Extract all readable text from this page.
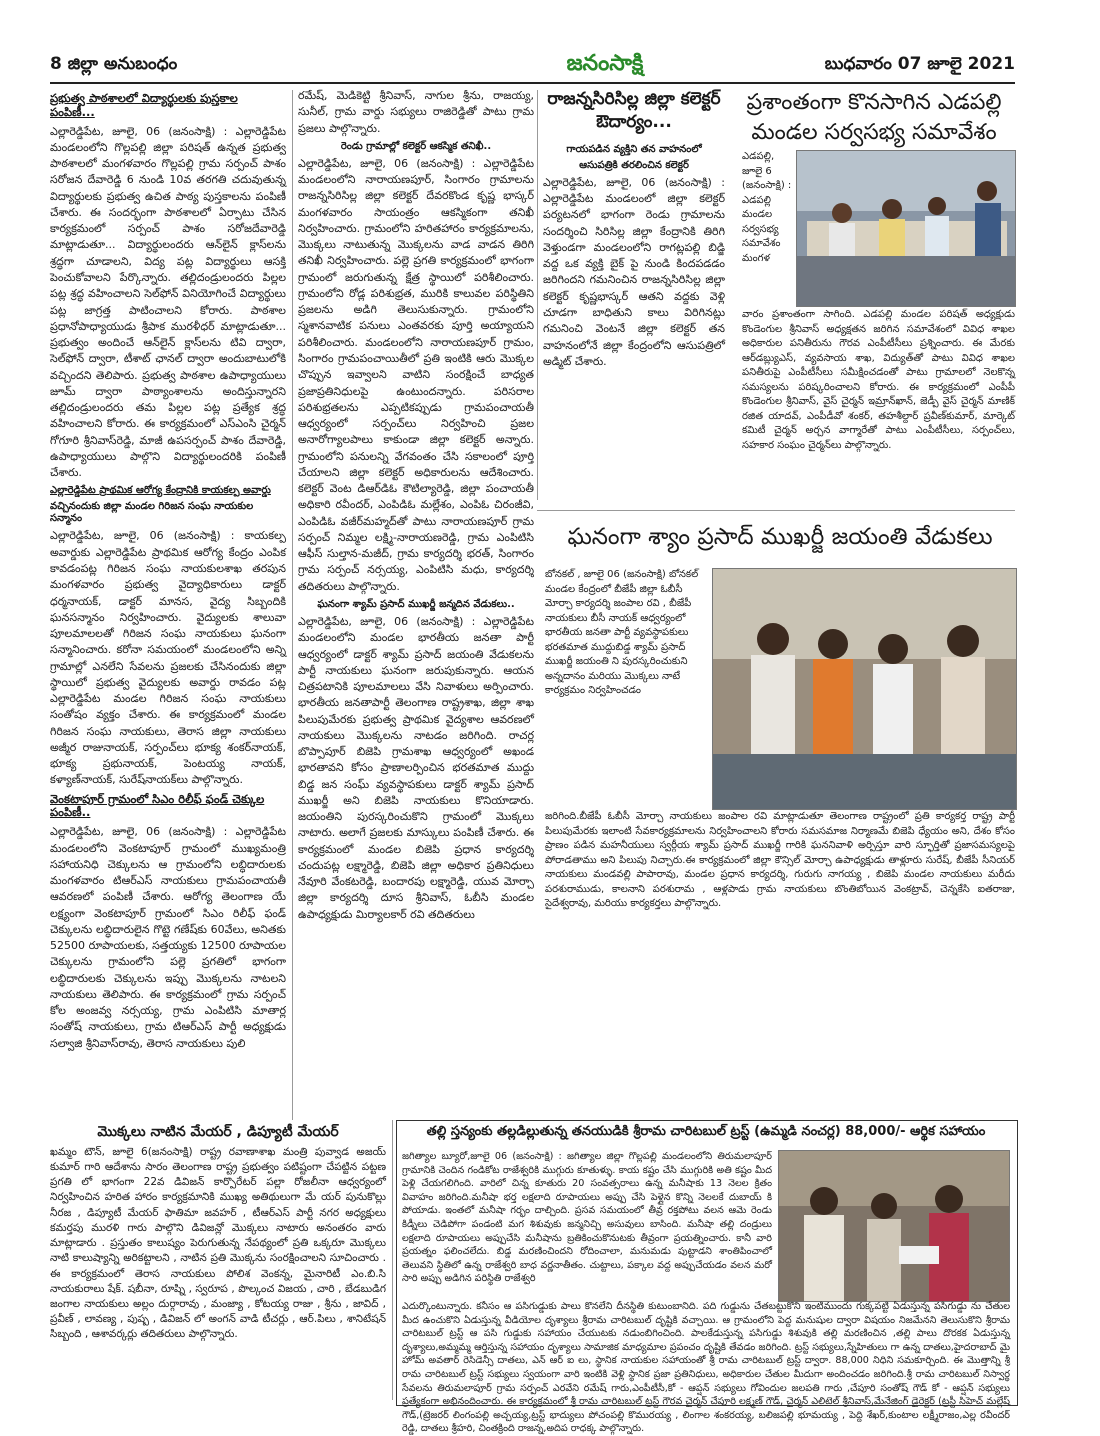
8 జిల్లా అనుబంధం	జనంసాక్షి	బుధవారం 07 జూలై 2021
ప్రభుత్వ పాఠశాలలో విద్యార్థులకు పుస్తకాల పంపిణీ...

ఎల్లారెడ్డిపేట, జూలై, 06 (జనంసాక్షి) : ఎల్లారెడ్డిపేట మండలంలోని గొల్లపల్లి జిల్లా పరిషత్ ఉన్నత ప్రభుత్వ పాఠశాలలో మంగళవారం గొల్లపల్లి గ్రామ సర్పంచ్ పాశం సరోజన దేవారెడ్డి 6 నుండి 10వ తరగతి చదువుతున్న విద్యార్థులకు ప్రభుత్వ ఉచిత పాఠ్య పుస్తకాలను పంపిణీ చేశారు. ఈ సందర్భంగా పాఠశాలలో ఏర్పాటు చేసిన కార్యక్రమంలో సర్పంచ్ పాశం సరోజదేవారెడ్డి మాట్లాడుతూ... విద్యార్థులందరు ఆన్‌లైన్ క్లాస్‌లను శ్రద్ధగా చూడాలని, విద్య పట్ల విద్యార్థులు ఆసక్తి పెంచుకోవాలని పేర్కొన్నారు. తల్లిదండ్రులందరు పిల్లల పట్ల శ్రద్ధ వహించాలని సెల్‌ఫోన్ వినియోగించే విద్యార్థులు పట్ల జాగ్రత్త పాటించాలని కోరారు. పాఠశాల ప్రధానోపాధ్యాయుడు శ్రీపాక మురళీధర్ మాట్లాడుతూ... ప్రభుత్వం అందించే ఆన్‌లైన్ క్లాస్‌లను టివి ద్వారా, సెల్‌ఫోన్ ద్వారా, టీశాట్ ఛానల్ ద్వారా అందుబాటులోకి వచ్చిందని తెలిపారు. ప్రభుత్వ పాఠశాల ఉపాధ్యాయులు జూమ్ ద్వారా పాఠ్యాంశాలను అందిస్తున్నారని తల్లిదండ్రులందరు తమ పిల్లల పట్ల ప్రత్యేక శ్రద్ధ వహించాలని కోరారు. ఈ కార్యక్రమంలో ఎస్ఎంసి చైర్మన్ గోగూరి శ్రీనివాస్‌రెడ్డి, మాజీ ఉపసర్పంచ్ పాశం దేవారెడ్డి, ఉపాధ్యాయులు పాల్గొని విద్యార్థులందరికి పంపిణీ చేశారు.

ఎల్లారెడ్డిపేట ప్రాథమిక ఆరోగ్య కేంద్రానికి కాయకల్ప అవార్డు
వచ్చినందుకు జిల్లా మండల గిరిజన సంఘ నాయకుల సన్మానం

ఎల్లారెడ్డిపేట, జూలై, 06 (జనంసాక్షి) : కాయకల్ప అవార్డుకు ఎల్లారెడ్డిపేట ప్రాథమిక ఆరోగ్య కేంద్రం ఎంపిక కావడంపట్ల గిరిజన సంఘ నాయకులశాఖ తరపున మంగళవారం ప్రభుత్వ వైద్యాధికారులు డాక్టర్ ధర్మనాయక్, డాక్టర్ మానస, వైద్య సిబ్బందికి ఘనసన్మానం నిర్వహించారు. వైద్యులకు శాలువా పూలమాలలతో గిరిజన సంఘ నాయకులు ఘనంగా సన్మానించారు. కరోనా సమయంలో మండలంలోని అన్ని గ్రామాల్లో ఎనలేని సేవలను ప్రజలకు చేసినందుకు జిల్లా స్థాయిలో ప్రభుత్వ వైద్యులకు అవార్డు రావడం పట్ల ఎల్లారెడ్డిపేట మండల గిరిజన సంఘ నాయకులు సంతోషం వ్యక్తం చేశారు. ఈ కార్యక్రమంలో మండల గిరిజన సంఘ నాయకులు, తెరాస జిల్లా నాయకులు అజ్మీర రాజునాయక్, సర్పంచ్‌లు భూక్య శంకర్‌నాయక్, భూక్య ప్రభునాయక్, పెంటయ్య నాయక్, కళ్యాణ్‌నాయక్, సురేష్‌నాయక్‌లు పాల్గొన్నారు.

వెంకటాపూర్ గ్రామంలో సిఎం రిలీఫ్ ఫండ్ చెక్కుల పంపిణీ..

ఎల్లారెడ్డిపేట, జూలై, 06 (జనంసాక్షి) : ఎల్లారెడ్డిపేట మండలంలోని వెంకటాపూర్ గ్రామంలో ముఖ్యమంత్రి సహాయనిధి చెక్కులను ఆ గ్రామంలోని లబ్ధిదారులకు మంగళవారం టిఆర్ఎస్ నాయకులు గ్రామపంచాయతీ ఆవరణలో పంపిణీ చేశారు. ఆరోగ్య తెలంగాణ యే లక్ష్యంగా వెంకటాపూర్ గ్రామంలో సిఎం రిలీఫ్ ఫండ్ చెక్కులను లబ్ధిదారులైన గొట్టె గణేష్‌కు 60వేలు, అనితకు 52500 రూపాయలకు, సత్తయ్యకు 12500 రూపాయల చెక్కులను గ్రామంలోని పల్లె ప్రగతిలో భాగంగా లబ్ధిదారులకు చెక్కులను ఇప్పు మొక్కలను నాటలని నాయకులు తెలిపారు. ఈ కార్యక్రమంలో గ్రామ సర్పంచ్ కోల అంజవ్వ నర్సయ్య, గ్రామ ఎంపిటిసి మాతార్ల సంతోష్ నాయకులు, గ్రామ టిఆర్ఎస్ పార్టీ అధ్యక్షుడు సల్వాజి శ్రీనివాస్‌రావు, తెరాస నాయకులు పులి

రమేష్, మెడికెట్టి శ్రీనివాస్, నాగుల శ్రీను, రాజయ్య, సునీల్, గ్రామ వార్డు సభ్యులు రాజిరెడ్డితో పాటు గ్రామ ప్రజలు పాల్గొన్నారు.

రెండు గ్రామాల్లో కలెక్టర్ ఆకస్మిక తనిఖీ..

ఎల్లారెడ్డిపేట, జూలై, 06 (జనంసాక్షి) : ఎల్లారెడ్డిపేట మండలంలోని నారాయణపూర్, సింగారం గ్రామాలను రాజన్నసిరిసిల్ల జిల్లా కలెక్టర్ దేవరకొండ కృష్ణ భాస్కర్ మంగళవారం సాయంత్రం ఆకస్మికంగా తనిఖీ నిర్వహించారు. గ్రామంలోని హరితహారం కార్యక్రమాలను, మొక్కలు నాటుతున్న మొక్కలను వాడ వాడన తిరిగి తనిఖీ నిర్వహించారు. పల్లె ప్రగతి కార్యక్రమంలో భాగంగా గ్రామంలో జరుగుతున్న క్షేత్ర స్థాయిలో పరిశీలించారు. గ్రామంలోని రోడ్ల పరిశుభ్రత, మురికి కాలువల పరిస్థితిని ప్రజలను అడిగి తెలుసుకున్నారు. గ్రామంలోని స్మశానవాటిక పనులు ఎంతవరకు పూర్తి అయ్యాయని పరిశీలించారు. మండలంలోని నారాయణపూర్ గ్రామం, సింగారం గ్రామపంచాయితీలో ప్రతి ఇంటికి ఆరు మొక్కల చొప్పున ఇవ్వాలని వాటిని సంరక్షించే బాధ్యత ప్రజాప్రతినిధులపై ఉంటుందన్నారు. పరిసరాల పరిశుభ్రతలను ఎప్పటికప్పుడు గ్రామపంచాయతీ ఆధ్వర్యంలో సర్పంచ్‌లు నిర్వహించి ప్రజల అనారోగ్యాలపాలు కాకుండా జిల్లా కలెక్టర్ అన్నారు. గ్రామంలోని పనులన్ని వేగవంతం చేసి సకాలంలో పూర్తి చేయాలని జిల్లా కలెక్టర్ అధికారులను ఆదేశించారు. కలెక్టర్ వెంట డిఆర్‌డిఓ కౌటిల్యారెడ్డి, జిల్లా పంచాయతీ అధికారి రవీందర్, ఎంపిడిఓ మల్లేశం, ఎంపిఓ చిరంజీవి, ఎంపిడిఓ వజీర్‌మహ్మద్‌తో పాటు నారాయణపూర్ గ్రామ సర్పంచ్ నిమ్మల లక్ష్మి-నారాయణరెడ్డి, గ్రామ ఎంపిటిసి ఆఫీస్ సుల్తాన-మజీద్, గ్రామ కార్యదర్శి భరత్, సింగారం గ్రామ సర్పంచ్ నర్సయ్య, ఎంపిటిసి మధు, కార్యదర్శి తదితరులు పాల్గొన్నారు.

ఘనంగా శ్యామ్ ప్రసాద్ ముఖర్జీ జన్మదిన వేడుకలు..

ఎల్లారెడ్డిపేట, జూలై, 06 (జనంసాక్షి) : ఎల్లారెడ్డిపేట మండలంలోని మండల భారతీయ జనతా పార్టీ ఆధ్వర్యంలో డాక్టర్ శ్యామ్ ప్రసాద్ జయంతి వేడుకలను పార్టీ నాయకులు ఘనంగా జరుపుకున్నారు. ఆయన చిత్రపటానికి పూలమాలలు వేసి నివాళులు అర్పించారు. భారతీయ జనతాపార్టీ తెలంగాణ రాష్ట్రశాఖ, జిల్లా శాఖ పిలుపుమేరకు ప్రభుత్వ ప్రాథమిక వైద్యశాల ఆవరణలో నాయకులు మొక్కలను నాటడం జరిగింది. రాచర్ల బొప్పాపూర్ బిజెపి గ్రామశాఖ ఆధ్వర్యంలో అఖండ భారతావని కోసం ప్రాణాలర్పించిన భరతమాత ముద్దు బిడ్డ జన సంఘ్ వ్యవస్థాపకులు డాక్టర్ శ్యామ్ ప్రసాద్ ముఖర్జీ అని బిజెపి నాయకులు కొనియాడారు. జయంతిని పురస్కరించుకొని గ్రామంలో మొక్కలు నాటారు. అలాగే ప్రజలకు మాస్కులు పంపిణీ చేశారు. ఈ కార్యక్రమంలో మండల బిజెపి ప్రధాన కార్యదర్శి చందుపట్ల లక్ష్మారెడ్డి, బిజెపి జిల్లా అధికార ప్రతినిధులు నేవూరి వేంకటరెడ్డి, బందారపు లక్ష్మారెడ్డి, యువ మోర్చా జిల్లా కార్యదర్శి దూస శ్రీనివాస్, ఓబీసి మండల ఉపాధ్యక్షుడు మిర్యాలకార్ రవి తదితరులు

మొక్కలు నాటిన మేయర్ , డిప్యూటీ మేయర్

ఖమ్మం టౌన్, జూలై 6(జనంసాక్షి) రాష్ట్ర రవాణాశాఖ మంత్రి పువ్వాడ అజయ్ కుమార్ గారి ఆదేశాను సారం తెలంగాణ రాష్ట్ర ప్రభుత్వం పటిష్టంగా చేపట్టిన పట్టణ ప్రగతి లో భాగంగా 22వ డివిజన్ కార్పొరేటర్ పల్లా రోజలీనా ఆధ్వర్యంలో నిర్వహించిన హరిత హారం కార్యక్రమానికి ముఖ్య అతిథులుగా మే యర్ పునుకొల్లు నీరజ , డిప్యూటీ మేయర్ ఫాతిమా జవహర్ , టీఆర్ఎస్ పార్టీ నగర అధ్యక్షులు కమర్తపు మురళి గారు పాల్గొని డివిజన్లో మొక్కలు నాటారు అనంతరం వారు మాట్లాడారు . ప్రస్తుతం కాలుష్యం పెరుగుతున్న నేపథ్యంలో ప్రతి ఒక్కరూ మొక్కలు నాటి కాలుష్యాన్ని అరికట్టాలని , నాటిన ప్రతి మొక్కను సంరక్షించాలని సూచించారు . ఈ కార్యక్రమంలో తెరాస నాయకులు పోలిశ వెంకన్న, మైనారిటీ ఎం.బి.సి నాయకురాలు షేక్. షబీనా, రూష్ని , స్వరూప , పొల్కంచ విజయ , చారి , బేడబుడిగ జంగాల నాయకులు అల్లం దుర్గారావు , మంజ్యా , కోటయ్య రాజు , శ్రీను , జావిద్ , ప్రవీణ్ , లావణ్య , పుష్ప , డివిజన్ లో అంగన్ వాడి టీచర్లు , ఆర్.పిలు , శానిటేషన్ సిబ్బంది , ఆశావర్కర్లు తదితరులు పాల్గొన్నారు.

రాజన్నసిరిసిల్ల జిల్లా కలెక్టర్ ఔదార్యం...
గాయపడిన వ్యక్తిని తన వాహనంలో
ఆసుపత్రికి తరలించిన కలెక్టర్

ఎల్లారెడ్డిపేట, జూలై, 06 (జనంసాక్షి) : ఎల్లారెడ్డిపేట మండలంలో జిల్లా కలెక్టర్ పర్యటనలో భాగంగా రెండు గ్రామాలను సందర్శించి సిరిసిల్ల జిల్లా కేంద్రానికి తిరిగి వెళ్తుండగా మండలంలోని రాగట్లపల్లి బిడ్జి వద్ద ఒక వ్యక్తి బైక్ పై నుండి కిందపడడం జరిగిందని గమనించిన రాజన్నసిరిసిల్ల జిల్లా కలెక్టర్ కృష్ణభాస్కర్ ఆతని వద్దకు వెళ్లి చూడగా బాధితుని కాలు విరిగినట్లు గమనించి వెంటనే జిల్లా కలెక్టర్ తన వాహనంలోనే జిల్లా కేంద్రంలోని ఆసుపత్రిలో అడ్మిట్ చేశారు.

ప్రశాంతంగా కొనసాగిన ఎడపల్లి మండల సర్వసభ్య సమావేశం

ఎడపల్లి, జూలై 6 (జనంసాక్షి) : ఎడపల్లి మండల సర్వసభ్య సమావేశం మంగళ

వారం ప్రశాంతంగా సాగింది. ఎడపల్లి మండల పరిషత్ అధ్యక్షుడు కొండెంగుల శ్రీనివాస్ అధ్యక్షతన జరిగిన సమావేశంలో వివిధ శాఖల అధికారుల పనితీరును గౌరవ ఎంపీటీసీలు ప్రశ్నించారు. ఈ మేరకు ఆర్‌డబ్ల్యుఎస్, వ్యవసాయ శాఖ, విద్యుత్‌తో పాటు వివిధ శాఖల పనితీరుపై ఎంపీటీసీలు సమీక్షించడంతో పాటు గ్రామాలలో నెలకొన్న సమస్యలను పరిష్కరించాలని కోరారు. ఈ కార్యక్రమంలో ఎంపీపీ కొండెంగుల శ్రీనివాస్, వైస్ చైర్మన్ ఇమ్రాన్‌ఖాన్, జెడ్పీ వైస్ చైర్మన్ మాణిక్ రజిత యాదవ్, ఎంపీడీవో శంకర్, తహశీల్దార్ ప్రవీణ్‌కుమార్, మార్కెట్ కమిటీ చైర్మన్ అర్చన వాగ్మారేతో పాటు ఎంపీటీసీలు, సర్పంచ్‌లు, సహకార సంఘం చైర్మన్‌లు పాల్గొన్నారు.

ఘనంగా శ్యాం ప్రసాద్ ముఖర్జీ జయంతి వేడుకలు

బోనకల్ , జూలై 06 (జనంసాక్షి) బోనకల్ మండల కేంద్రంలో బీజేపీ జిల్లా ఓబీసీ మోర్చా కార్యదర్శి జంపాల రవి , బీజేపీ నాయకులు బీసీ నాయక్ ఆధ్వర్యంలో భారతీయ జనతా పార్టీ వ్యవస్థాపకులు భరతమాత ముద్దుబిడ్డ శ్యామ్ ప్రసాద్ ముఖర్జీ జయంతి ని పురస్కరించుకుని అన్నదానం మరియు మొక్కలు నాటే కార్యక్రమం నిర్వహించడం

జరిగింది.బీజేపీ ఓబీసీ మోర్చా నాయకులు జంపాల రవి మాట్లాడుతూ తెలంగాణ రాష్ట్రంలో ప్రతి కార్యకర్త రాష్ట్ర పార్టీ పిలుపుమేరకు ఇలాంటి సేవకార్యక్రమాలను నిర్వహించాలని కోరారు సమసమాజ నిర్మాణమే బిజెపి ధ్యేయం అని, దేశం కోసం ప్రాణం పడిన మహనీయులు స్వర్గీయ శ్యామ్ ప్రసాద్ ముఖర్జీ గారికి ఘననివాళి అర్పిస్తూ వారి స్ఫూర్తితో ప్రజాసమస్యలపై పోరాడతాము అని పిలుపు నిచ్చారు.ఈ కార్యక్రమంలో జిల్లా కౌన్సిల్ మోర్చా ఉపాధ్యక్షుడు తాళ్లూరు సురేష్, బీజేపీ సీనియర్ నాయకులు మండవల్లి పాపారావు, మండల ప్రధాన కార్యదర్శి, గురుగు నాగయ్య , బిజెపి మండల నాయకులు మరీదు పరశురాముడు, కాలనాని పరశురామ , ఆళ్లపాడు గ్రామ నాయకులు బొంతిబోయిన వెంకట్రావ్, చెన్నకేసి ఐతరాజు, సైదేశ్వరావు, మరియు కార్యకర్తలు పాల్గొన్నారు.

తల్లి స్తన్యంకు తల్లడిల్లుతున్న తనయుడికి శ్రీరామ చారిటబుల్ ట్రస్ట్ (ఉమ్మడి నంచర్ల) 88,000/- ఆర్థిక సహాయం

జగిత్యాల బ్యూరో,జూలై 06 (జనంసాక్షి) : జగిత్యాల జిల్లా గొల్లపల్లి మండలంలోని తిరుమలాపూర్ గ్రామానికి చెందిన గండికోట రాజేశ్వరికి ముగ్గురు కూతుళ్ళు. కాయ కష్టం చేసి ముగ్గురికి అతి కష్టం మీద పెళ్లి చేయగలిగింది. వారిలో చిన్న కూతురు 20 సంవత్సరాలు ఉన్న మనీషాకు 13 నెలల క్రితం వివాహం జరిగింది.మనీషా భర్త లక్షలాది రూపాయలు అప్పు చేసి పెళ్లైన కొన్ని నెలలకే దుబాయ్ కి పోయాడు. ఇంతలో మనీషా గర్భం దాల్చింది. ప్రసవ సమయంలో తీవ్ర రక్తపోటు వలన ఆమె రెండు కిడ్నీలు చెడిపోగా పండంటి మగ శిశువుకు జన్మనిచ్చి అసువులు బాసింది. మనీషా తల్లి దండ్రులు లక్షలాది రూపాయలు అప్పుచేసి మనీషాను బ్రతికించుకొనుటకు తీవ్రంగా ప్రయత్నించారు. కానీ వారి ప్రయత్నం ఫలించలేదు. బిడ్డ మరణించిందని రోదించాలా, మనుమడు పుట్టాడని శాంతిపించాలో తెలువని స్థితిలో ఉన్న రాజేశ్వరి బాధ వర్ణనాతీతం. చుట్టాలు, పక్కాల వద్ద అప్పుచేయడం వలన మరో సారి అప్పు అడిగిన పరిస్థితి రాజేశ్వరి

ఎదుర్కొంటున్నారు. కనీసం ఆ పసిగుడ్డుకు పాలు కొనలేని దీనస్థితి కుటుంబానిది. పది గుడ్డును చేతబట్టుకొని ఇంటిముందు గుక్కపట్టి ఏడుస్తున్న పసిగుడ్డు ను చేతుల మీద ఉంచుకొని ఏడుస్తున్న వీడియోల దృశ్యాలు శ్రీరామ చారిటబుల్ దృష్టికి వచ్చాయి. ఆ గ్రామంలోని పెద్ద మనుషుల ద్వారా విషయం నిజమేనని తెలుసుకొని శ్రీరామ చారిటబుల్ ట్రస్ట్ ఆ పసి గుడ్డుకు సహాయం చేయుటకు నడుంబిగించింది. పాలకేడుస్తున్న పసిగుడ్డు శిశువుకి తల్లి మరణించిన ,తల్లి పాలు దొరకక ఏడుస్తున్న దృశ్యాలు,అమ్మమ్మ ఆర్తిస్తున్న సహాయం దృశ్యాలు సామాజిక మాధ్యమాల ప్రపంచం దృష్టికి తేవడం జరిగింది. ట్రస్ట్ సభ్యులు,స్నేహితులు గా ఉన్న దాతలు,హైదరాబాద్ మై హోమ్ అవతార్ రెసిడెన్సీ దాతలు, ఎన్ ఆర్ ఐ లు, స్థానిక నాయకుల సహాయంతో శ్రీ రామ చారిటబుల్ ట్రస్ట్ ద్వారా. 88,000 నిధిని సమకూర్చింది. ఈ మొత్తాన్ని శ్రీ రామ చారిటబుల్ ట్రస్ట్ సభ్యులు స్వయంగా వారి ఇంటికి వెళ్లి స్థానిక ప్రజా ప్రతినిధులు, అధికారుల చేతుల మీదుగా అందించడం జరిగింది.శ్రీ రామ చారిటబుల్ నిస్వార్థ సేవలను తిరుమలాపూర్ గ్రామ సర్పంచ్ ఎరవేని రమేష్ గారు,ఎంపీటీసీ,కో - ఆప్షన్ సభ్యులు గోవిందుల జలపతి గారు ,చేపూరి సంతోష్ గౌడ్ కో - ఆప్షన్ సభ్యులు ప్రత్యేకంగా అభినందించారు. ఈ కార్యక్రమంలో శ్రీ రామ చారిటబుల్ ట్రస్ట్ గౌరవ చైర్మన్ చేపూరి లక్ష్మణ్ గౌడ్, చైర్మన్ ఎలిటెల్ శ్రీనివాస్,మేనేజింగ్ డైరెక్టర్ (ట్రస్టీ సిహెచ్ మల్లేష్ గౌడ్,(ట్రెజరర్ లింగంపల్లి అచ్చయ్య,ట్రస్ట్ భాద్యులు పోచంపల్లి కొమురయ్య , లింగాల శంకరయ్య, బలిజపల్లి భూమయ్య , పెద్ది శేఖర్,కుంటాల లక్ష్మీరాజం,ఎల్ల రవీందర్ రెడ్డి, దాతలు శ్రీహరి, చింతక్రింది రాజన్న,అదిప రాధక్క పాల్గొన్నారు.
